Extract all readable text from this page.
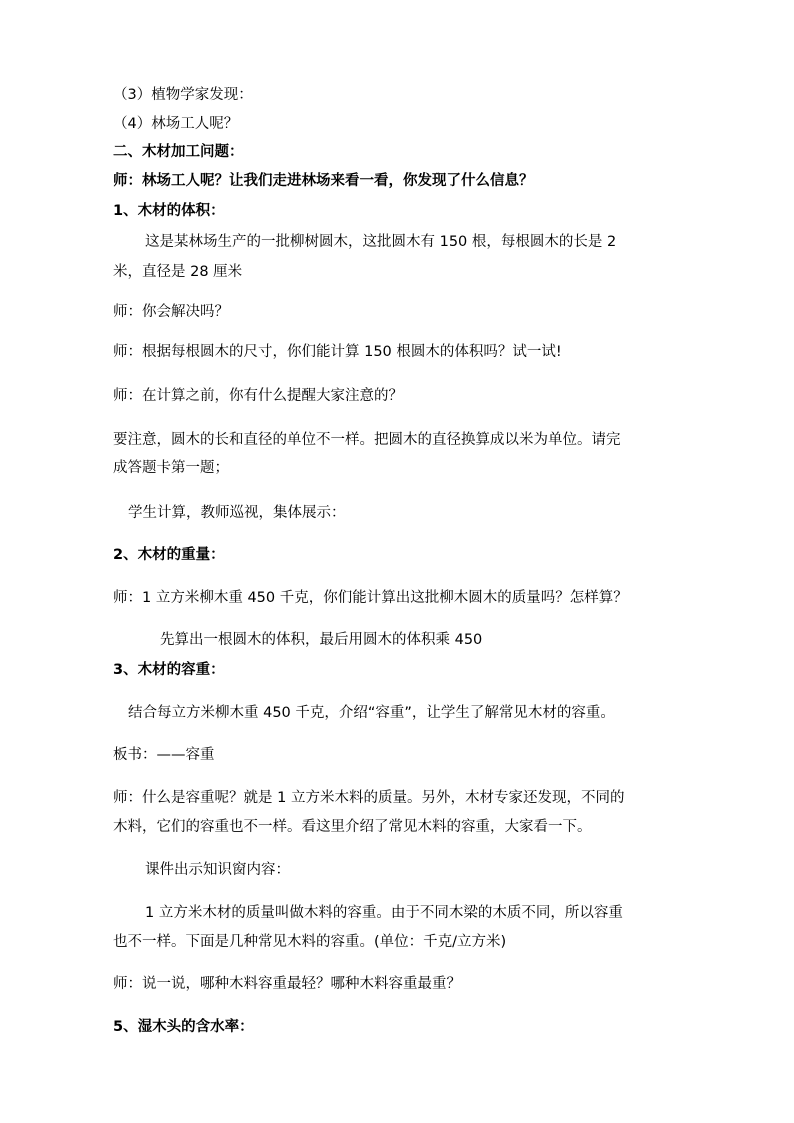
（3）植物学家发现：
（4）林场工人呢？
二、木材加工问题：
师：林场工人呢？让我们走进林场来看一看，你发现了什么信息？
1、木材的体积：
这是某林场生产的一批柳树圆木，这批圆木有 150 根，每根圆木的长是 2
米，直径是 28 厘米
师：你会解决吗？
师：根据每根圆木的尺寸，你们能计算 150 根圆木的体积吗？试一试!
师：在计算之前，你有什么提醒大家注意的？
要注意，圆木的长和直径的单位不一样。把圆木的直径换算成以米为单位。请完
成答题卡第一题；
学生计算，教师巡视，集体展示：
2、木材的重量：
师：1 立方米柳木重 450 千克，你们能计算出这批柳木圆木的质量吗？怎样算？
先算出一根圆木的体积，最后用圆木的体积乘 450
3、木材的容重：
结合每立方米柳木重 450 千克，介绍“容重”，让学生了解常见木材的容重。
板书：——容重
师：什么是容重呢？就是 1 立方米木料的质量。另外，木材专家还发现，不同的
木料，它们的容重也不一样。看这里介绍了常见木料的容重，大家看一下。
课件出示知识窗内容：
1 立方米木材的质量叫做木料的容重。由于不同木梁的木质不同，所以容重
也不一样。下面是几种常见木料的容重。(单位：千克/立方米)
师：说一说，哪种木料容重最轻？哪种木料容重最重？
5、湿木头的含水率：
